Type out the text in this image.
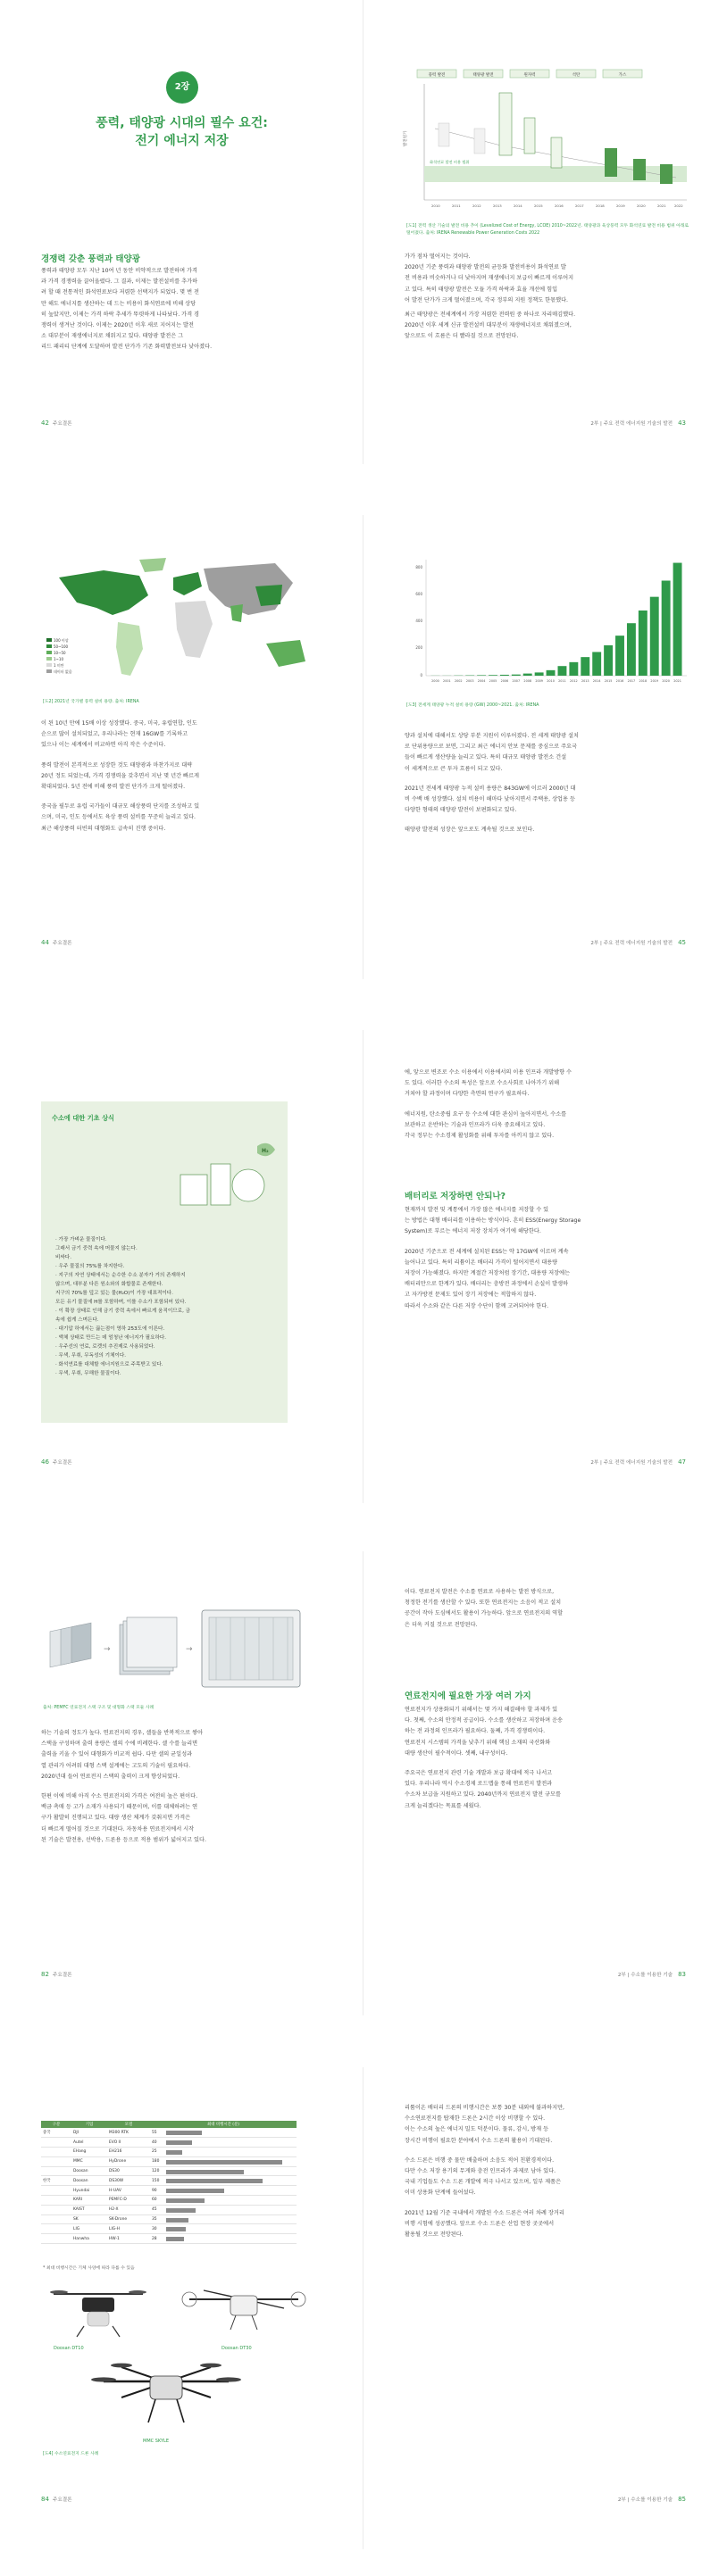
2장
풍력, 태양광 시대의 필수 요건:
전기 에너지 저장
경쟁력 갖춘 풍력과 태양광
풍력과 태양광 모두 지난 10여 년 동안 비약적으로 발전하며 가격
과 가격 경쟁력을 끌어올렸다. 그 결과, 이제는 발전설비를 추가하
려 할 때 전통적인 화석연료보다 저렴한 선택지가 되었다. 몇 번 전
만 해도 에너지를 생산하는 데 드는 비용이 화석연료에 비해 상당
히 높았지만, 이제는 가격 하락 추세가 뚜렷하게 나타났다. 가격 경
쟁력이 생겨난 것이다. 이제는 2020년 이후 새로 지어지는 발전
소 대부분이 재생에너지로 채워지고 있다. 태양광 발전은 그
리드 패리티 단계에 도달하며 발전 단가가 기존 화력발전보다 낮아졌다.
42 주요결론
풍력 발전	태양광 발전	원자력	석탄	가스
발전원가
화석연료 발전 비용 범위
2010	2011	2012	2013	2014	2015	2016	2017	2018	2019	2020	2021 2022
[도1] 전력 생산 기술의 발전 비용 추이 (Levelized Cost of Energy, LCOE) 2010~2022년. 태양광과 육상풍력 모두 화석연료 발전 비용 범위 아래로 떨어졌다. 출처: IRENA Renewable Power Generation Costs 2022
가가 점차 떨어지는 것이다.
2020년 기준 풍력과 태양광 발전의 균등화 발전비용이 화석연료 발
전 비용과 비슷하거나 더 낮아지며 재생에너지 보급이 빠르게 이루어지
고 있다. 특히 태양광 발전은 모듈 가격 하락과 효율 개선에 힘입
어 발전 단가가 크게 떨어졌으며, 각국 정부의 지원 정책도 한몫했다.
최근 태양광은 전세계에서 가장 저렴한 전력원 중 하나로 자리매김했다.
2020년 이후 세계 신규 발전설비 대부분이 재생에너지로 채워졌으며,
앞으로도 이 흐름은 더 빨라질 것으로 전망된다.
2부 | 주요 전력 에너지원 기술의 발전 43
100 이상
50~100
10~50
1~10
1 미만
데이터 없음
[도2] 2021년 국가별 풍력 설비 용량. 출처: IRENA
이 된 10년 만에 15배 이상 성장했다. 중국, 미국, 유럽연합, 인도
순으로 많이 설치되었고, 우리나라는 현재 16GW를 기록하고
있으나 이는 세계에서 비교하면 아직 작은 수준이다.
풍력 발전이 본격적으로 성장한 것도 태양광과 마찬가지로 대략
20년 정도 되었는데, 가격 경쟁력을 갖추면서 지난 몇 년간 빠르게
확대되었다. 5년 전에 비해 풍력 발전 단가가 크게 떨어졌다.
중국을 필두로 유럽 국가들이 대규모 해상풍력 단지를 조성하고 있
으며, 미국, 인도 등에서도 육상 풍력 설비를 꾸준히 늘리고 있다.
최근 해상풍력 터빈의 대형화도 급속히 진행 중이다.
44 주요결론
800
600
400
200
0
2000 2001 2002 2003 2004 2005 2006 2007 2008 2009 2010 2011 2012 2013 2014 2015 2016 2017 2018 2019 2020 2021
[도3] 전세계 태양광 누적 설비 용량 (GW) 2000~2021. 출처: IRENA
양과 설치에 대해서도 상당 부분 지원이 이루어졌다. 전 세계 태양광 설치
로 단위용량으로 보면, 그리고 최근 에너지 안보 문제를 중심으로 주요국
들이 빠르게 생산량을 늘리고 있다. 특히 대규모 태양광 발전소 건설
이 세계적으로 큰 투자 흐름이 되고 있다.
2021년 전세계 태양광 누적 설비 용량은 843GW에 이르러 2000년 대
비 수백 배 성장했다. 설치 비용이 해마다 낮아지면서 주택용, 상업용 등
다양한 형태의 태양광 발전이 보편화되고 있다.
태양광 발전의 성장은 앞으로도 계속될 것으로 보인다.
2부 | 주요 전력 에너지원 기술의 발전 45
수소에 대한 기초 상식
H₂
· 가장 가벼운 물질이다.
그래서 금기 중력 속에 머물지 않는다.
비싸다.
· 우주 물질의 75%를 차지한다.
· 지구의 자연 상태에서는 순수한 수소 분자가 거의 존재하지
않으며, 대부분 다른 원소와의 화합물로 존재한다.
지구의 70%를 덮고 있는 물(H₂O)이 가장 대표적이다.
모든 유기 물질에 H를 포함하며, 이를 수소가 포함되어 있다.
· 이 확장 상태로 인해 금기 중력 속에서 빠르게 움직이므로, 금
속에 쉽게 스며든다.
· 대기압 하에서는 끓는점이 영하 253도에 이른다.
· 액체 상태로 만드는 데 엄청난 에너지가 필요하다.
· 우주선의 연료, 로켓의 추진제로 사용되었다.
· 무색, 무취, 무독성의 기체이다.
· 화석연료를 대체할 에너지원으로 주목받고 있다.
· 무색, 무취, 무해한 물질이다.
46 주요결론
에, 앞으로 변조로 수소 이용에서 이용에서의 이용 인프라 개발방향 수
도 있다. 이러한 수소의 특성은 앞으로 수소사회로 나아가기 위해
거쳐야 할 과정이며 다양한 측면의 연구가 필요하다.
에너지원, 탄소중립 요구 등 수소에 대한 관심이 높아지면서, 수소를
보관하고 운반하는 기술과 인프라가 더욱 중요해지고 있다.
각국 정부는 수소경제 활성화를 위해 투자를 아끼지 않고 있다.
배터리로 저장하면 안되나?
현재까지 발전 및 계통에서 가장 많은 에너지를 저장할 수 있
는 방법은 대형 배터리를 이용하는 방식이다. 흔히 ESS(Energy Storage
System)로 부르는 에너지 저장 장치가 여기에 해당한다.
2020년 기준으로 전 세계에 설치된 ESS는 약 17GW에 이르며 계속
늘어나고 있다. 특히 리튬이온 배터리 가격이 떨어지면서 대용량
저장이 가능해졌다. 하지만 계절간 저장처럼 장기간, 대용량 저장에는
배터리만으로 한계가 있다. 배터리는 충방전 과정에서 손실이 발생하
고 자가방전 문제도 있어 장기 저장에는 적합하지 않다.
따라서 수소와 같은 다른 저장 수단이 함께 고려되어야 한다.
2부 | 주요 전력 에너지원 기술의 발전 47
→	→
출처: PEMFC 연료전지 스택 구조 및 대형화 스택 모듈 사례
하는 기술의 정도가 높다. 연료전지의 경우, 셀들을 반복적으로 쌓아
스택을 구성하며 출력 용량은 셀의 수에 비례한다. 셀 수를 늘리면
출력을 키울 수 있어 대형화가 비교적 쉽다. 다만 셀의 균일성과
열 관리가 어려워 대형 스택 설계에는 고도의 기술이 필요하다.
2020년대 들어 연료전지 스택의 출력이 크게 향상되었다.
한편 이에 비해 아직 수소 연료전지의 가격은 여전히 높은 편이다.
백금 촉매 등 고가 소재가 사용되기 때문이며, 이를 대체하려는 연
구가 활발히 진행되고 있다. 대량 생산 체계가 갖춰지면 가격은
더 빠르게 떨어질 것으로 기대된다. 자동차용 연료전지에서 시작
된 기술은 발전용, 선박용, 드론용 등으로 적용 범위가 넓어지고 있다.
82 주요결론
이다. 연료전지 발전은 수소를 연료로 사용하는 발전 방식으로,
청정한 전기를 생산할 수 있다. 또한 연료전지는 소음이 적고 설치
공간이 작아 도심에서도 활용이 가능하다. 앞으로 연료전지의 역할
은 더욱 커질 것으로 전망된다.
연료전지에 필요한 가장 여러 가지
연료전지가 상용화되기 위해서는 몇 가지 해결해야 할 과제가 있
다. 첫째, 수소의 안정적 공급이다. 수소를 생산하고 저장하며 운송
하는 전 과정의 인프라가 필요하다. 둘째, 가격 경쟁력이다.
연료전지 시스템의 가격을 낮추기 위해 핵심 소재의 국산화와
대량 생산이 필수적이다. 셋째, 내구성이다.
주요국은 연료전지 관련 기술 개발과 보급 확대에 적극 나서고
있다. 우리나라 역시 수소경제 로드맵을 통해 연료전지 발전과
수소차 보급을 지원하고 있다. 2040년까지 연료전지 발전 규모를
크게 늘리겠다는 목표를 세웠다.
2부 | 수소를 이용한 기술 83
구분	기업	모델	최대 비행시간 (분)
중국	DJI	M300 RTK	55
	Autel	EVO II	40
	EHang	EH216	25
	MMC	HyDrone	180
	Doosan	DS30	120
한국	Doosan	DS30W	150
	Hyundai	H-UAV	90
	KARI	PEMFC-D	60
	KAIST	H2-X	45
	SK	SK-Drone	35
	LIG	LIG-H	30
	Hanwha	HW-1	28
* 최대 비행시간은 기체 사양에 따라 다를 수 있음
Doosan DT10	Doosan DT30
MMC SKYLE
[도4] 수소연료전지 드론 사례
84 주요결론
리튬이온 배터리 드론의 비행시간은 보통 30분 내외에 불과하지만,
수소연료전지를 탑재한 드론은 2시간 이상 비행할 수 있다.
이는 수소의 높은 에너지 밀도 덕분이다. 물류, 감시, 방재 등
장시간 비행이 필요한 분야에서 수소 드론의 활용이 기대된다.
수소 드론은 비행 중 물만 배출하며 소음도 적어 친환경적이다.
다만 수소 저장 용기의 무게와 충전 인프라가 과제로 남아 있다.
국내 기업들도 수소 드론 개발에 적극 나서고 있으며, 일부 제품은
이미 상용화 단계에 들어섰다.
2021년 12월 기준 국내에서 개발된 수소 드론은 여러 차례 장거리
비행 시험에 성공했다. 앞으로 수소 드론은 산업 현장 곳곳에서
활용될 것으로 전망된다.
2부 | 수소를 이용한 기술 85
